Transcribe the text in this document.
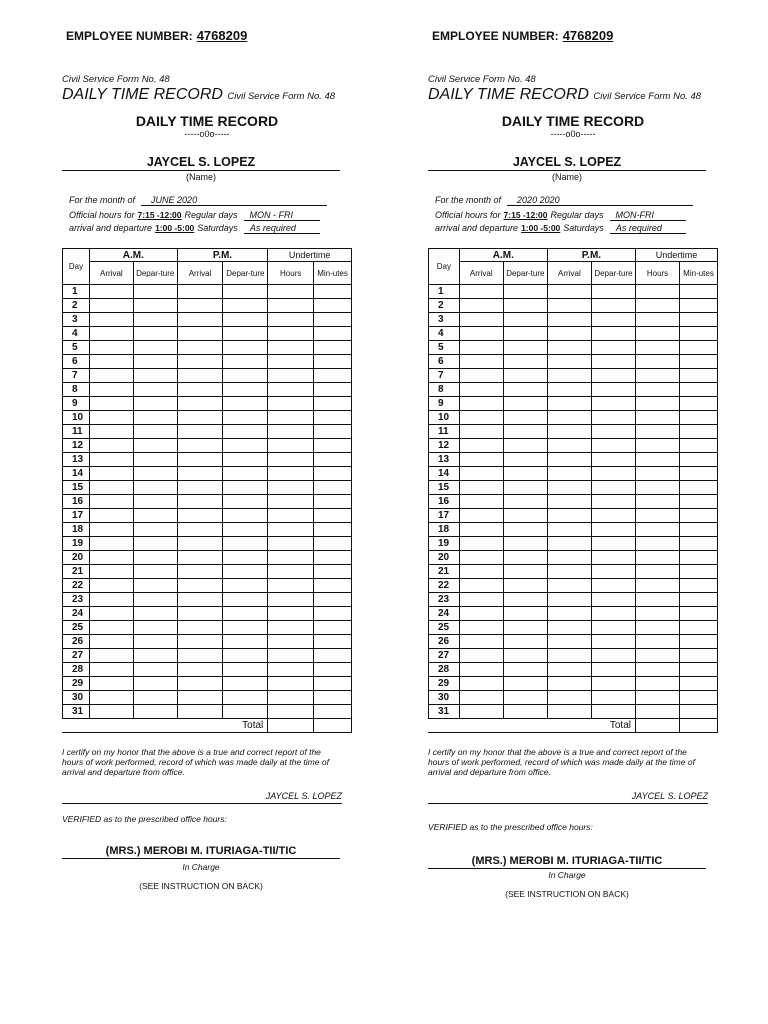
EMPLOYEE NUMBER: 4768209
Civil Service Form No. 48
DAILY TIME RECORD Civil Service Form No. 48
DAILY TIME RECORD
-----o0o-----
JAYCEL S. LOPEZ
(Name)
For the month of JUNE 2020
Official hours for 7:15 -12:00 Regular days MON - FRI
arrival and departure 1:00 -5:00 Saturdays As required
Day	A.M.		P.M.		Undertime	
	Arrival	Depar-ture	Arrival	Depar-ture	Hours	Min-utes
1						
2						
3						
4						
5						
6						
7						
8						
9						
10						
11						
12						
13						
14						
15						
16						
17						
18						
19						
20						
21						
22						
23						
24						
25						
26						
27						
28						
29						
30						
31						
Total						
I certify on my honor that the above is a true and correct report of the hours of work performed, record of which was made daily at the time of arrival and departure from office.
JAYCEL S. LOPEZ
VERIFIED as to the prescribed office hours:
(MRS.) MEROBI M. ITURIAGA-TII/TIC
In Charge
(SEE INSTRUCTION ON BACK)
EMPLOYEE NUMBER: 4768209
Civil Service Form No. 48
DAILY TIME RECORD Civil Service Form No. 48
DAILY TIME RECORD
-----o0o-----
JAYCEL S. LOPEZ
(Name)
For the month of 2020 2020
Official hours for 7:15 -12:00 Regular days MON-FRI
arrival and departure 1:00 -5:00 Saturdays As required
Day	A.M.		P.M.		Undertime	
	Arrival	Depar-ture	Arrival	Depar-ture	Hours	Min-utes
1						
2						
3						
4						
5						
6						
7						
8						
9						
10						
11						
12						
13						
14						
15						
16						
17						
18						
19						
20						
21						
22						
23						
24						
25						
26						
27						
28						
29						
30						
31						
Total						
I certify on my honor that the above is a true and correct report of the hours of work performed, record of which was made daily at the time of arrival and departure from office.
JAYCEL S. LOPEZ
VERIFIED as to the prescribed office hours:
(MRS.) MEROBI M. ITURIAGA-TII/TIC
In Charge
(SEE INSTRUCTION ON BACK)
